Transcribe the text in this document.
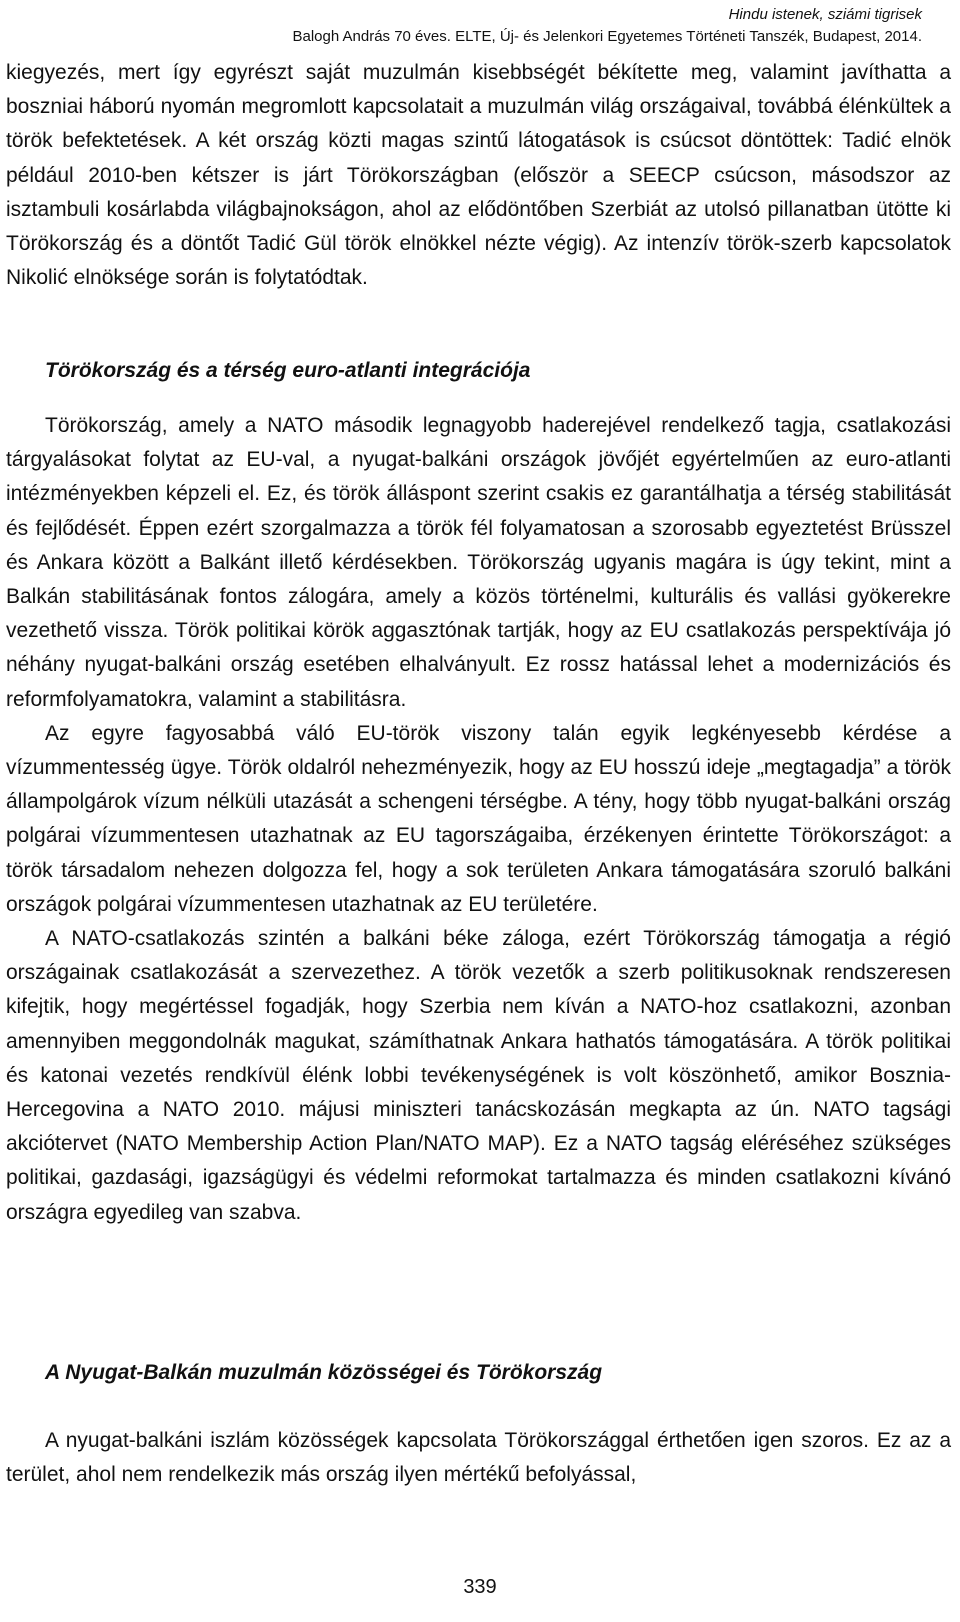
Hindu istenek, sziámi tigrisek
Balogh András 70 éves. ELTE, Új- és Jelenkori Egyetemes Történeti Tanszék, Budapest, 2014.

kiegyezés, mert így egyrészt saját muzulmán kisebbségét békítette meg, valamint javíthatta a boszniai háború nyomán megromlott kapcsolatait a muzulmán világ országaival, továbbá élénkültek a török befektetések. A két ország közti magas szintű látogatások is csúcsot döntöttek: Tadić elnök például 2010-ben kétszer is járt Törökországban (először a SEECP csúcson, másodszor az isztambuli kosárlabda világbajnokságon, ahol az elődöntőben Szerbiát az utolsó pillanatban ütötte ki Törökország és a döntőt Tadić Gül török elnökkel nézte végig). Az intenzív török-szerb kapcsolatok Nikolić elnöksége során is folytatódtak.

Törökország és a térség euro-atlanti integrációja

Törökország, amely a NATO második legnagyobb haderejével rendelkező tagja, csatlakozási tárgyalásokat folytat az EU-val, a nyugat-balkáni országok jövőjét egyértelműen az euro-atlanti intézményekben képzeli el. Ez, és török álláspont szerint csakis ez garantálhatja a térség stabilitását és fejlődését. Éppen ezért szorgalmazza a török fél folyamatosan a szorosabb egyeztetést Brüsszel és Ankara között a Balkánt illető kérdésekben. Törökország ugyanis magára is úgy tekint, mint a Balkán stabilitásának fontos zálogára, amely a közös történelmi, kulturális és vallási gyökerekre vezethető vissza. Török politikai körök aggasztónak tartják, hogy az EU csatlakozás perspektívája jó néhány nyugat-balkáni ország esetében elhalványult. Ez rossz hatással lehet a modernizációs és reformfolyamatokra, valamint a stabilitásra.

Az egyre fagyosabbá váló EU-török viszony talán egyik legkényesebb kérdése a vízummentesség ügye. Török oldalról nehezményezik, hogy az EU hosszú ideje „megtagadja” a török állampolgárok vízum nélküli utazását a schengeni térségbe. A tény, hogy több nyugat-balkáni ország polgárai vízummentesen utazhatnak az EU tagországaiba, érzékenyen érintette Törökországot: a török társadalom nehezen dolgozza fel, hogy a sok területen Ankara támogatására szoruló balkáni országok polgárai vízummentesen utazhatnak az EU területére.

A NATO-csatlakozás szintén a balkáni béke záloga, ezért Törökország támogatja a régió országainak csatlakozását a szervezethez. A török vezetők a szerb politikusoknak rendszeresen kifejtik, hogy megértéssel fogadják, hogy Szerbia nem kíván a NATO-hoz csatlakozni, azonban amennyiben meggondolnák magukat, számíthatnak Ankara hathatós támogatására. A török politikai és katonai vezetés rendkívül élénk lobbi tevékenységének is volt köszönhető, amikor Bosznia-Hercegovina a NATO 2010. májusi miniszteri tanácskozásán megkapta az ún. NATO tagsági akciótervet (NATO Membership Action Plan/NATO MAP). Ez a NATO tagság eléréséhez szükséges politikai, gazdasági, igazságügyi és védelmi reformokat tartalmazza és minden csatlakozni kívánó országra egyedileg van szabva.

A Nyugat-Balkán muzulmán közösségei és Törökország

A nyugat-balkáni iszlám közösségek kapcsolata Törökországgal érthetően igen szoros. Ez az a terület, ahol nem rendelkezik más ország ilyen mértékű befolyással,

339
